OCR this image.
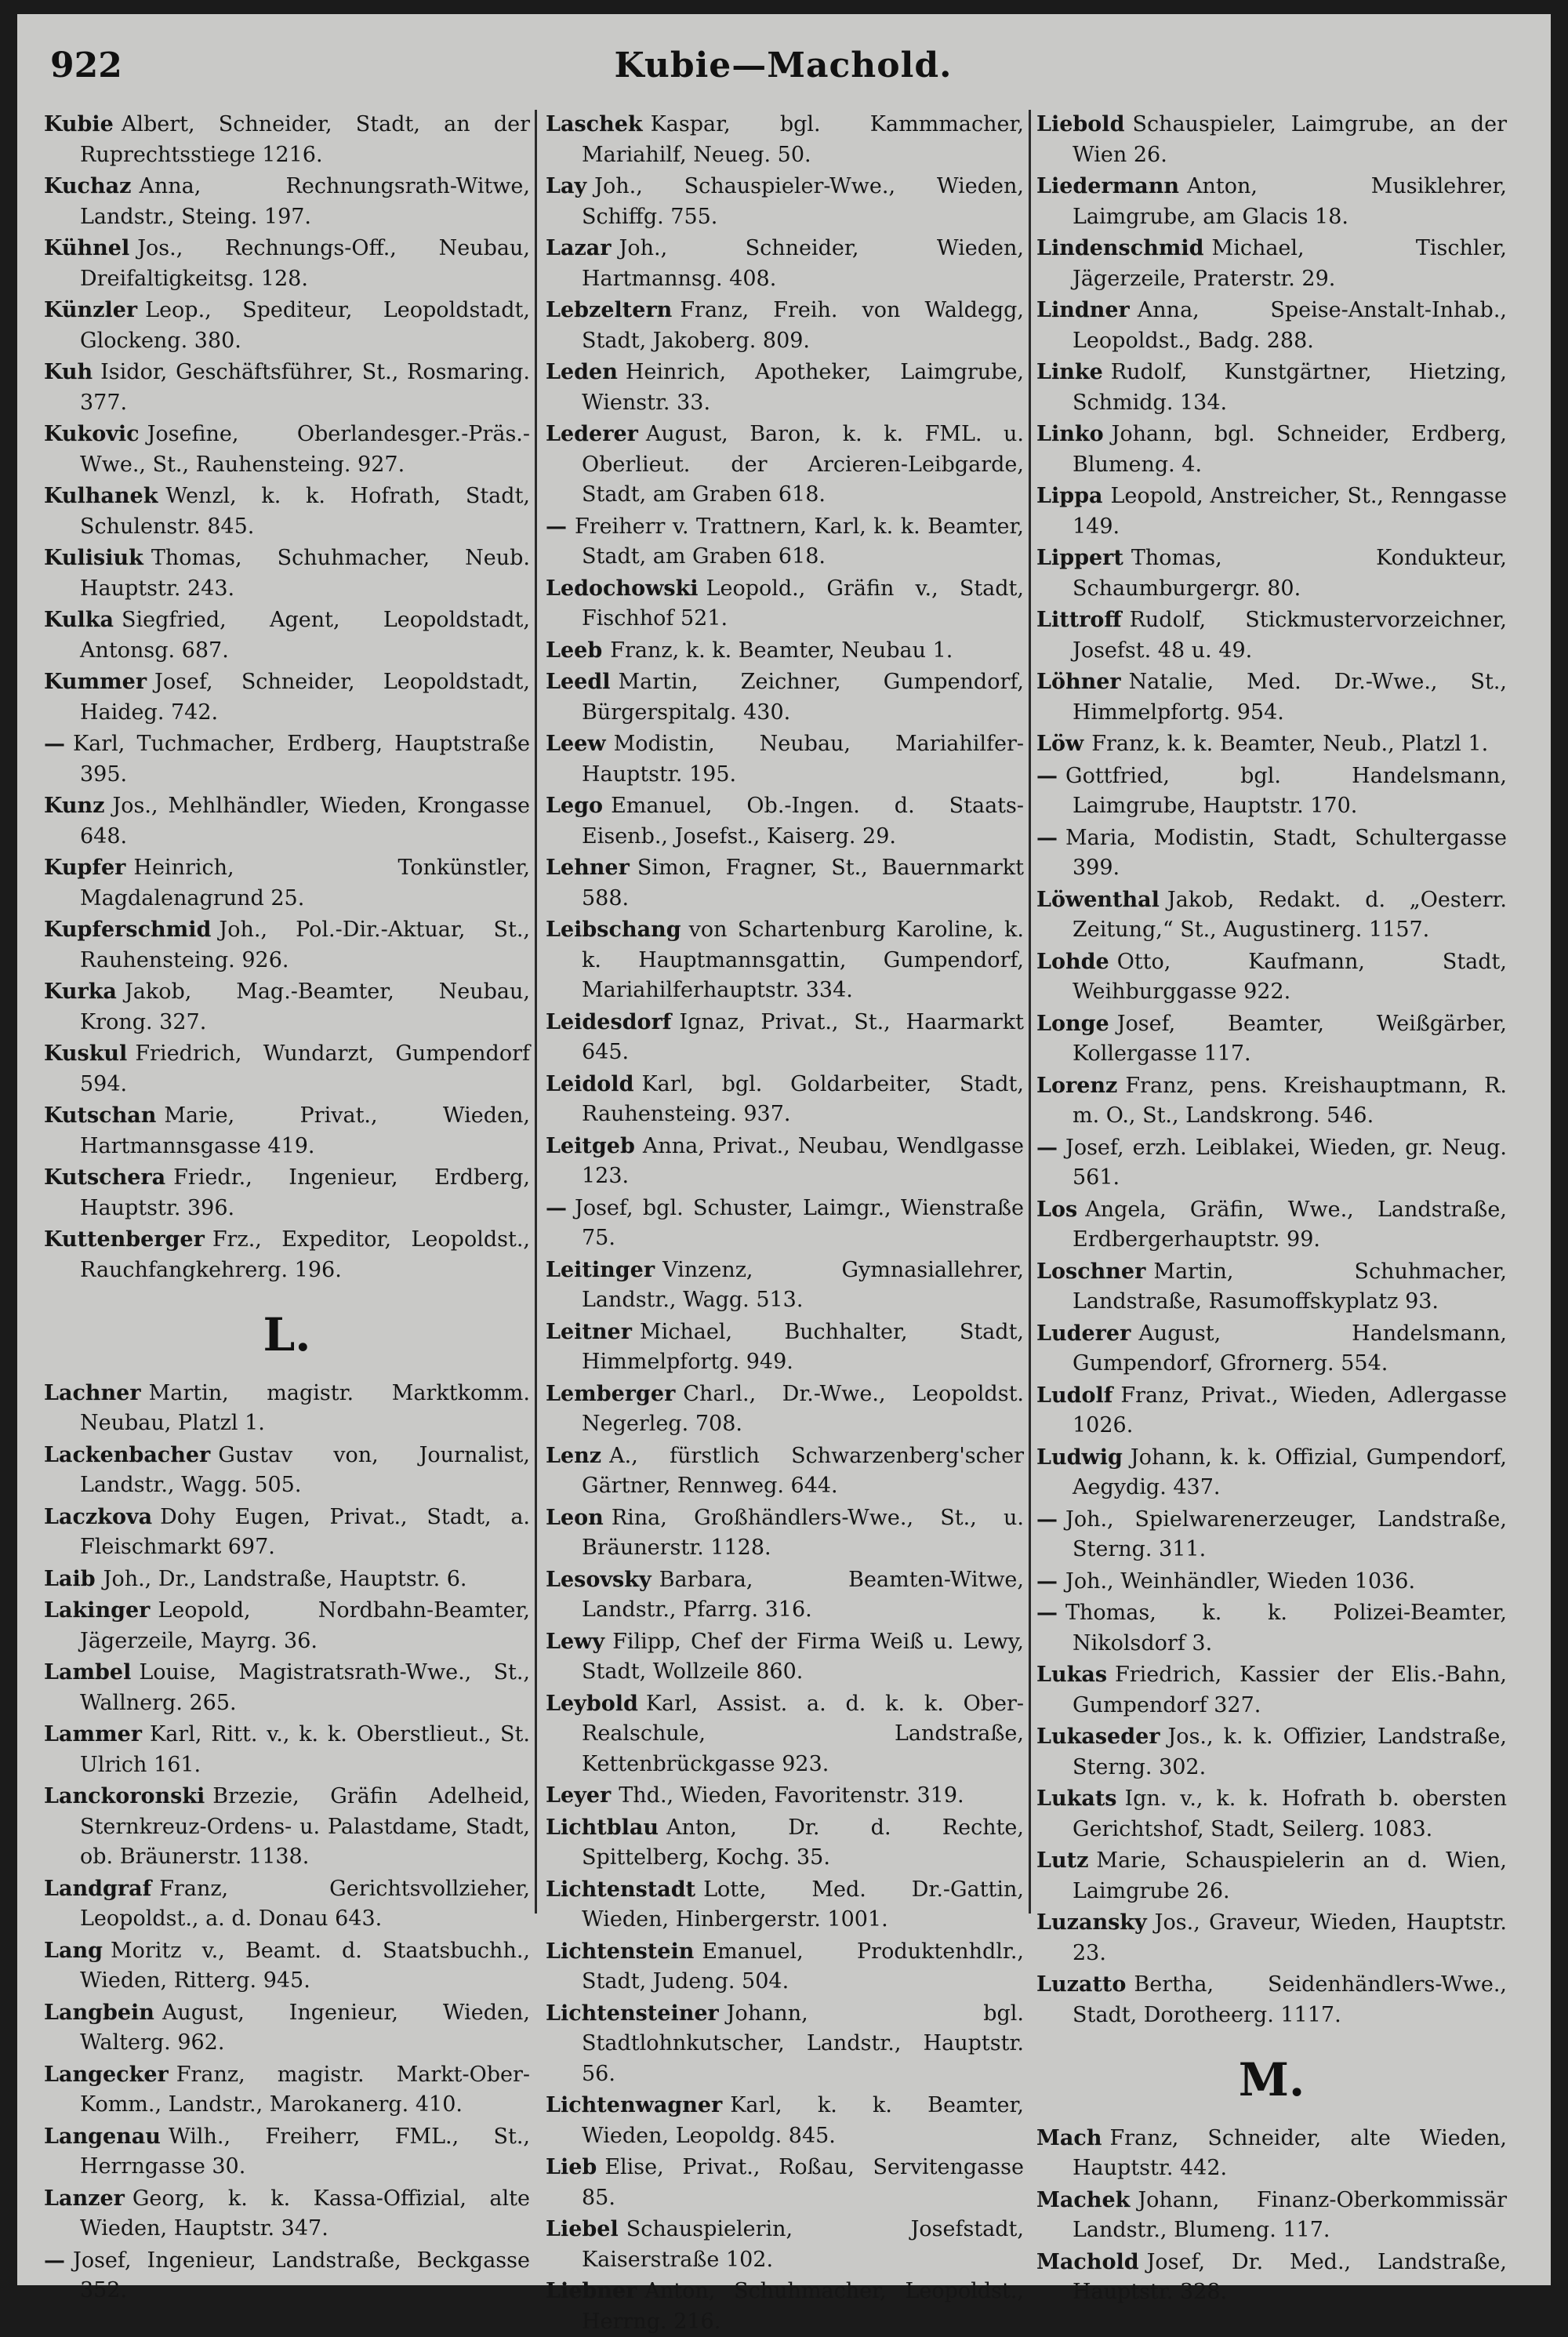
922	Kubie—Machold.

Kubie Albert, Schneider, Stadt, an der Ruprechtsstiege 1216.

Kuchaz Anna, Rechnungsrath-Witwe, Landstr., Steing. 197.

Kühnel Jos., Rechnungs-Off., Neubau, Dreifaltigkeitsg. 128.

Künzler Leop., Spediteur, Leopoldstadt, Glockeng. 380.

Kuh Isidor, Geschäftsführer, St., Rosmaring. 377.

Kukovic Josefine, Oberlandesger.-Präs.-Wwe., St., Rauhensteing. 927.

Kulhanek Wenzl, k. k. Hofrath, Stadt, Schulenstr. 845.

Kulisiuk Thomas, Schuhmacher, Neub. Hauptstr. 243.

Kulka Siegfried, Agent, Leopoldstadt, Antonsg. 687.

Kummer Josef, Schneider, Leopoldstadt, Haideg. 742.

— Karl, Tuchmacher, Erdberg, Hauptstraße 395.

Kunz Jos., Mehlhändler, Wieden, Krongasse 648.

Kupfer Heinrich, Tonkünstler, Magdalenagrund 25.

Kupferschmid Joh., Pol.-Dir.-Aktuar, St., Rauhensteing. 926.

Kurka Jakob, Mag.-Beamter, Neubau, Krong. 327.

Kuskul Friedrich, Wundarzt, Gumpendorf 594.

Kutschan Marie, Privat., Wieden, Hartmannsgasse 419.

Kutschera Friedr., Ingenieur, Erdberg, Hauptstr. 396.

Kuttenberger Frz., Expeditor, Leopoldst., Rauchfangkehrerg. 196.

L.

Lachner Martin, magistr. Marktkomm. Neubau, Platzl 1.

Lackenbacher Gustav von, Journalist, Landstr., Wagg. 505.

Laczkova Dohy Eugen, Privat., Stadt, a. Fleischmarkt 697.

Laib Joh., Dr., Landstraße, Hauptstr. 6.

Lakinger Leopold, Nordbahn-Beamter, Jägerzeile, Mayrg. 36.

Lambel Louise, Magistratsrath-Wwe., St., Wallnerg. 265.

Lammer Karl, Ritt. v., k. k. Oberstlieut., St. Ulrich 161.

Lanckoronski Brzezie, Gräfin Adelheid, Sternkreuz-Ordens- u. Palastdame, Stadt, ob. Bräunerstr. 1138.

Landgraf Franz, Gerichtsvollzieher, Leopoldst., a. d. Donau 643.

Lang Moritz v., Beamt. d. Staatsbuchh., Wieden, Ritterg. 945.

Langbein August, Ingenieur, Wieden, Walterg. 962.

Langecker Franz, magistr. Markt-Ober-Komm., Landstr., Marokanerg. 410.

Langenau Wilh., Freiherr, FML., St., Herrngasse 30.

Lanzer Georg, k. k. Kassa-Offizial, alte Wieden, Hauptstr. 347.

— Josef, Ingenieur, Landstraße, Beckgasse 352.

Laschek Kaspar, bgl. Kammmacher, Mariahilf, Neueg. 50.

Lay Joh., Schauspieler-Wwe., Wieden, Schiffg. 755.

Lazar Joh., Schneider, Wieden, Hartmannsg. 408.

Lebzeltern Franz, Freih. von Waldegg, Stadt, Jakoberg. 809.

Leden Heinrich, Apotheker, Laimgrube, Wienstr. 33.

Lederer August, Baron, k. k. FML. u. Oberlieut. der Arcieren-Leibgarde, Stadt, am Graben 618.

— Freiherr v. Trattnern, Karl, k. k. Beamter, Stadt, am Graben 618.

Ledochowski Leopold., Gräfin v., Stadt, Fischhof 521.

Leeb Franz, k. k. Beamter, Neubau 1.

Leedl Martin, Zeichner, Gumpendorf, Bürgerspitalg. 430.

Leew Modistin, Neubau, Mariahilfer-Hauptstr. 195.

Lego Emanuel, Ob.-Ingen. d. Staats-Eisenb., Josefst., Kaiserg. 29.

Lehner Simon, Fragner, St., Bauernmarkt 588.

Leibschang von Schartenburg Karoline, k. k. Hauptmannsgattin, Gumpendorf, Mariahilferhauptstr. 334.

Leidesdorf Ignaz, Privat., St., Haarmarkt 645.

Leidold Karl, bgl. Goldarbeiter, Stadt, Rauhensteing. 937.

Leitgeb Anna, Privat., Neubau, Wendlgasse 123.

— Josef, bgl. Schuster, Laimgr., Wienstraße 75.

Leitinger Vinzenz, Gymnasiallehrer, Landstr., Wagg. 513.

Leitner Michael, Buchhalter, Stadt, Himmelpfortg. 949.

Lemberger Charl., Dr.-Wwe., Leopoldst. Negerleg. 708.

Lenz A., fürstlich Schwarzenberg'scher Gärtner, Rennweg. 644.

Leon Rina, Großhändlers-Wwe., St., u. Bräunerstr. 1128.

Lesovsky Barbara, Beamten-Witwe, Landstr., Pfarrg. 316.

Lewy Filipp, Chef der Firma Weiß u. Lewy, Stadt, Wollzeile 860.

Leybold Karl, Assist. a. d. k. k. Ober-Realschule, Landstraße, Kettenbrückgasse 923.

Leyer Thd., Wieden, Favoritenstr. 319.

Lichtblau Anton, Dr. d. Rechte, Spittelberg, Kochg. 35.

Lichtenstadt Lotte, Med. Dr.-Gattin, Wieden, Hinbergerstr. 1001.

Lichtenstein Emanuel, Produktenhdlr., Stadt, Judeng. 504.

Lichtensteiner Johann, bgl. Stadtlohnkutscher, Landstr., Hauptstr. 56.

Lichtenwagner Karl, k. k. Beamter, Wieden, Leopoldg. 845.

Lieb Elise, Privat., Roßau, Servitengasse 85.

Liebel Schauspielerin, Josefstadt, Kaiserstraße 102.

Liebner Anton, Schuhmacher, Leopoldst., Herrng. 216.

Liebold Schauspieler, Laimgrube, an der Wien 26.

Liedermann Anton, Musiklehrer, Laimgrube, am Glacis 18.

Lindenschmid Michael, Tischler, Jägerzeile, Praterstr. 29.

Lindner Anna, Speise-Anstalt-Inhab., Leopoldst., Badg. 288.

Linke Rudolf, Kunstgärtner, Hietzing, Schmidg. 134.

Linko Johann, bgl. Schneider, Erdberg, Blumeng. 4.

Lippa Leopold, Anstreicher, St., Renngasse 149.

Lippert Thomas, Kondukteur, Schaumburgergr. 80.

Littroff Rudolf, Stickmustervorzeichner, Josefst. 48 u. 49.

Löhner Natalie, Med. Dr.-Wwe., St., Himmelpfortg. 954.

Löw Franz, k. k. Beamter, Neub., Platzl 1.

— Gottfried, bgl. Handelsmann, Laimgrube, Hauptstr. 170.

— Maria, Modistin, Stadt, Schultergasse 399.

Löwenthal Jakob, Redakt. d. „Oesterr. Zeitung,“ St., Augustinerg. 1157.

Lohde Otto, Kaufmann, Stadt, Weihburggasse 922.

Longe Josef, Beamter, Weißgärber, Kollergasse 117.

Lorenz Franz, pens. Kreishauptmann, R. m. O., St., Landskrong. 546.

— Josef, erzh. Leiblakei, Wieden, gr. Neug. 561.

Los Angela, Gräfin, Wwe., Landstraße, Erdbergerhauptstr. 99.

Loschner Martin, Schuhmacher, Landstraße, Rasumoffskyplatz 93.

Luderer August, Handelsmann, Gumpendorf, Gfrornerg. 554.

Ludolf Franz, Privat., Wieden, Adlergasse 1026.

Ludwig Johann, k. k. Offizial, Gumpendorf, Aegydig. 437.

— Joh., Spielwarenerzeuger, Landstraße, Sterng. 311.

— Joh., Weinhändler, Wieden 1036.

— Thomas, k. k. Polizei-Beamter, Nikolsdorf 3.

Lukas Friedrich, Kassier der Elis.-Bahn, Gumpendorf 327.

Lukaseder Jos., k. k. Offizier, Landstraße, Sterng. 302.

Lukats Ign. v., k. k. Hofrath b. obersten Gerichtshof, Stadt, Seilerg. 1083.

Lutz Marie, Schauspielerin an d. Wien, Laimgrube 26.

Luzansky Jos., Graveur, Wieden, Hauptstr. 23.

Luzatto Bertha, Seidenhändlers-Wwe., Stadt, Dorotheerg. 1117.

M.

Mach Franz, Schneider, alte Wieden, Hauptstr. 442.

Machek Johann, Finanz-Oberkommissär Landstr., Blumeng. 117.

Machold Josef, Dr. Med., Landstraße, Hauptstr. 328.
